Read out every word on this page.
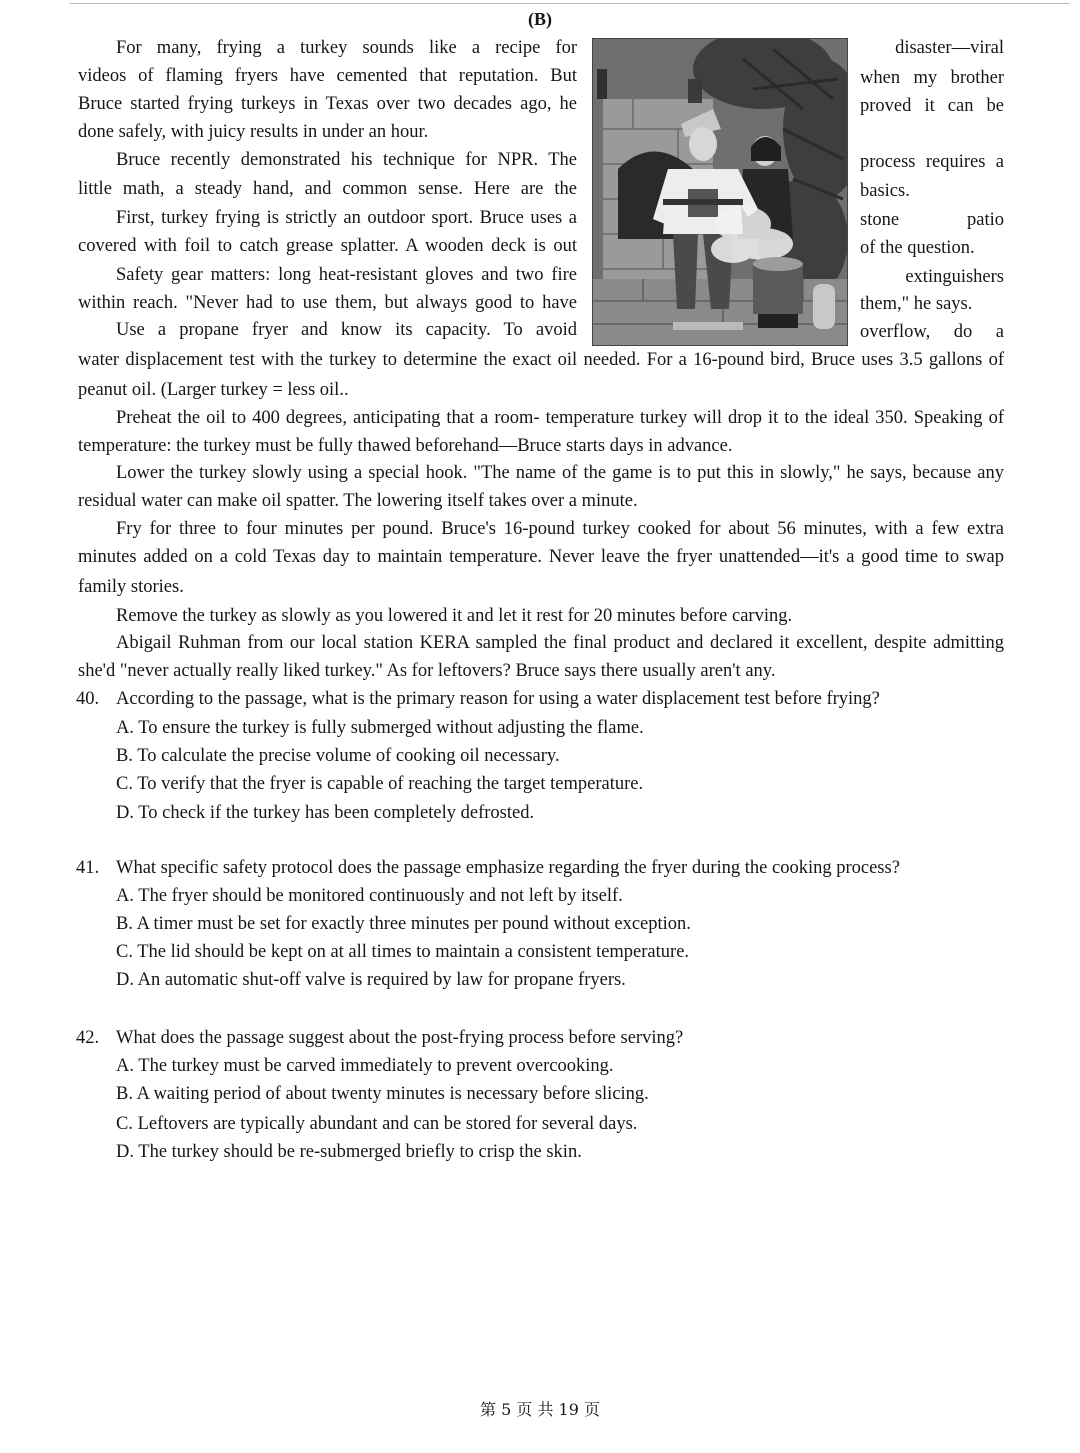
(B)
For many, frying a turkey sounds like a recipe for
videos of flaming fryers have cemented that reputation. But
Bruce started frying turkeys in Texas over two decades ago, he
done safely, with juicy results in under an hour.
Bruce recently demonstrated his technique for NPR. The
little math, a steady hand, and common sense. Here are the
First, turkey frying is strictly an outdoor sport. Bruce uses a
covered with foil to catch grease splatter. A wooden deck is out
Safety gear matters: long heat-resistant gloves and two fire
within reach. "Never had to use them, but always good to have
Use a propane fryer and know its capacity. To avoid
disaster—viral
when my brother
proved it can be
process requires a
basics.
stone patio
of the question.
extinguishers
them," he says.
overflow, do a
water displacement test with the turkey to determine the exact oil needed. For a 16-pound bird, Bruce uses 3.5 gallons of
peanut oil. (Larger turkey = less oil..
Preheat the oil to 400 degrees, anticipating that a room- temperature turkey will drop it to the ideal 350. Speaking of
temperature: the turkey must be fully thawed beforehand—Bruce starts days in advance.
Lower the turkey slowly using a special hook. "The name of the game is to put this in slowly," he says, because any
residual water can make oil spatter. The lowering itself takes over a minute.
Fry for three to four minutes per pound. Bruce's 16-pound turkey cooked for about 56 minutes, with a few extra
minutes added on a cold Texas day to maintain temperature. Never leave the fryer unattended—it's a good time to swap
family stories.
Remove the turkey as slowly as you lowered it and let it rest for 20 minutes before carving.
Abigail Ruhman from our local station KERA sampled the final product and declared it excellent, despite admitting
she'd "never actually really liked turkey." As for leftovers? Bruce says there usually aren't any.
40. According to the passage, what is the primary reason for using a water displacement test before frying?
A. To ensure the turkey is fully submerged without adjusting the flame.
B. To calculate the precise volume of cooking oil necessary.
C. To verify that the fryer is capable of reaching the target temperature.
D. To check if the turkey has been completely defrosted.
41. What specific safety protocol does the passage emphasize regarding the fryer during the cooking process?
A. The fryer should be monitored continuously and not left by itself.
B. A timer must be set for exactly three minutes per pound without exception.
C. The lid should be kept on at all times to maintain a consistent temperature.
D. An automatic shut-off valve is required by law for propane fryers.
42. What does the passage suggest about the post-frying process before serving?
A. The turkey must be carved immediately to prevent overcooking.
B. A waiting period of about twenty minutes is necessary before slicing.
C. Leftovers are typically abundant and can be stored for several days.
D. The turkey should be re-submerged briefly to crisp the skin.
第 5 页 共 19 页
